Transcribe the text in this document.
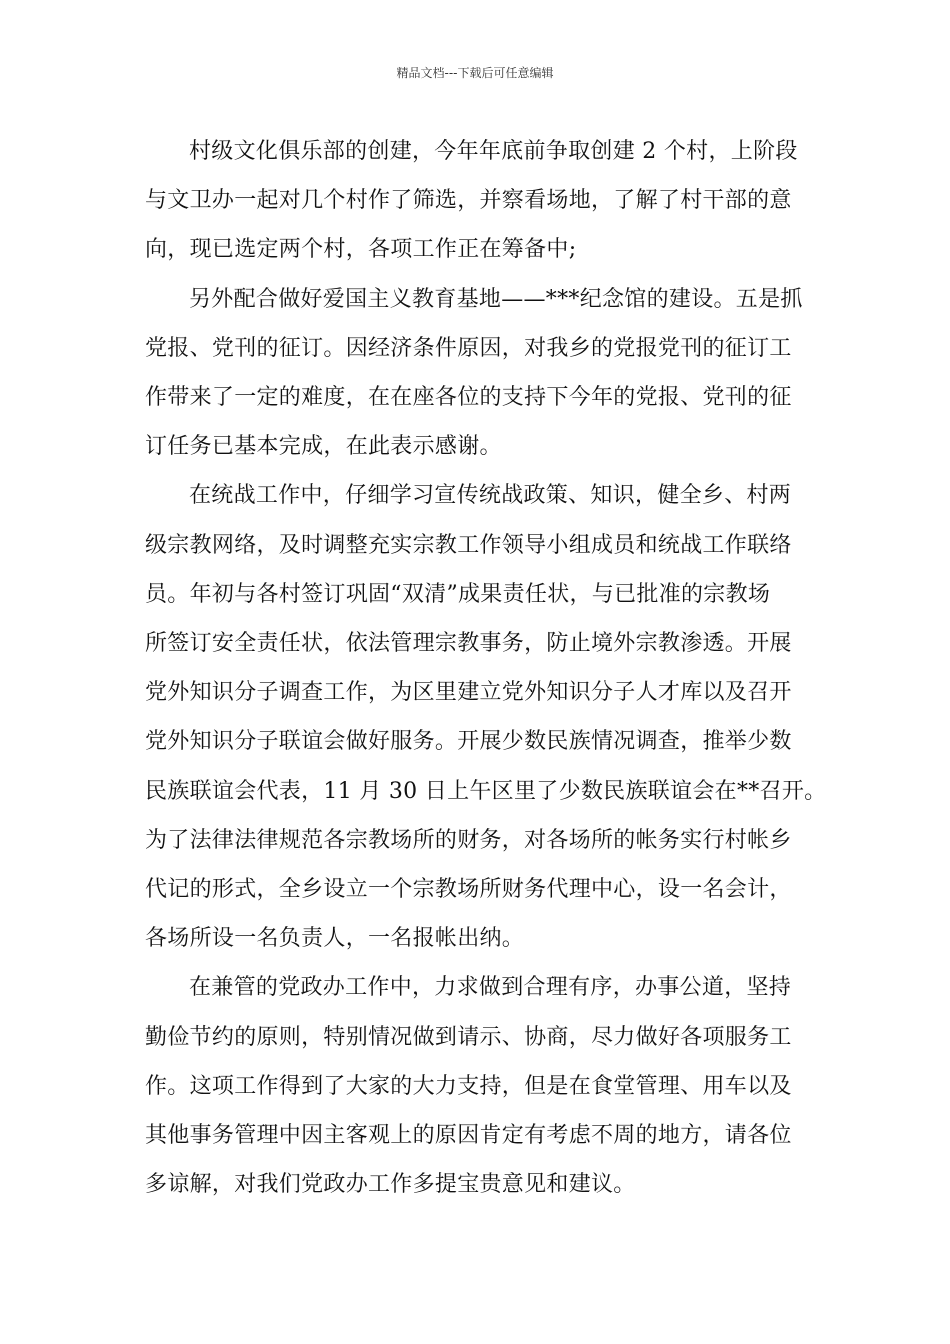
精品文档---下载后可任意编辑

村级文化俱乐部的创建，今年年底前争取创建 2 个村，上阶段
与文卫办一起对几个村作了筛选，并察看场地，了解了村干部的意
向，现已选定两个村，各项工作正在筹备中;

另外配合做好爱国主义教育基地——***纪念馆的建设。五是抓
党报、党刊的征订。因经济条件原因，对我乡的党报党刊的征订工
作带来了一定的难度，在在座各位的支持下今年的党报、党刊的征
订任务已基本完成，在此表示感谢。

在统战工作中，仔细学习宣传统战政策、知识，健全乡、村两
级宗教网络，及时调整充实宗教工作领导小组成员和统战工作联络
员。年初与各村签订巩固“双清”成果责任状，与已批准的宗教场
所签订安全责任状，依法管理宗教事务，防止境外宗教渗透。开展
党外知识分子调查工作，为区里建立党外知识分子人才库以及召开
党外知识分子联谊会做好服务。开展少数民族情况调查，推举少数
民族联谊会代表，11 月 30 日上午区里了少数民族联谊会在**召开。
为了法律法律规范各宗教场所的财务，对各场所的帐务实行村帐乡
代记的形式，全乡设立一个宗教场所财务代理中心，设一名会计，
各场所设一名负责人，一名报帐出纳。

在兼管的党政办工作中，力求做到合理有序，办事公道，坚持
勤俭节约的原则，特别情况做到请示、协商，尽力做好各项服务工
作。这项工作得到了大家的大力支持，但是在食堂管理、用车以及
其他事务管理中因主客观上的原因肯定有考虑不周的地方，请各位
多谅解，对我们党政办工作多提宝贵意见和建议。
